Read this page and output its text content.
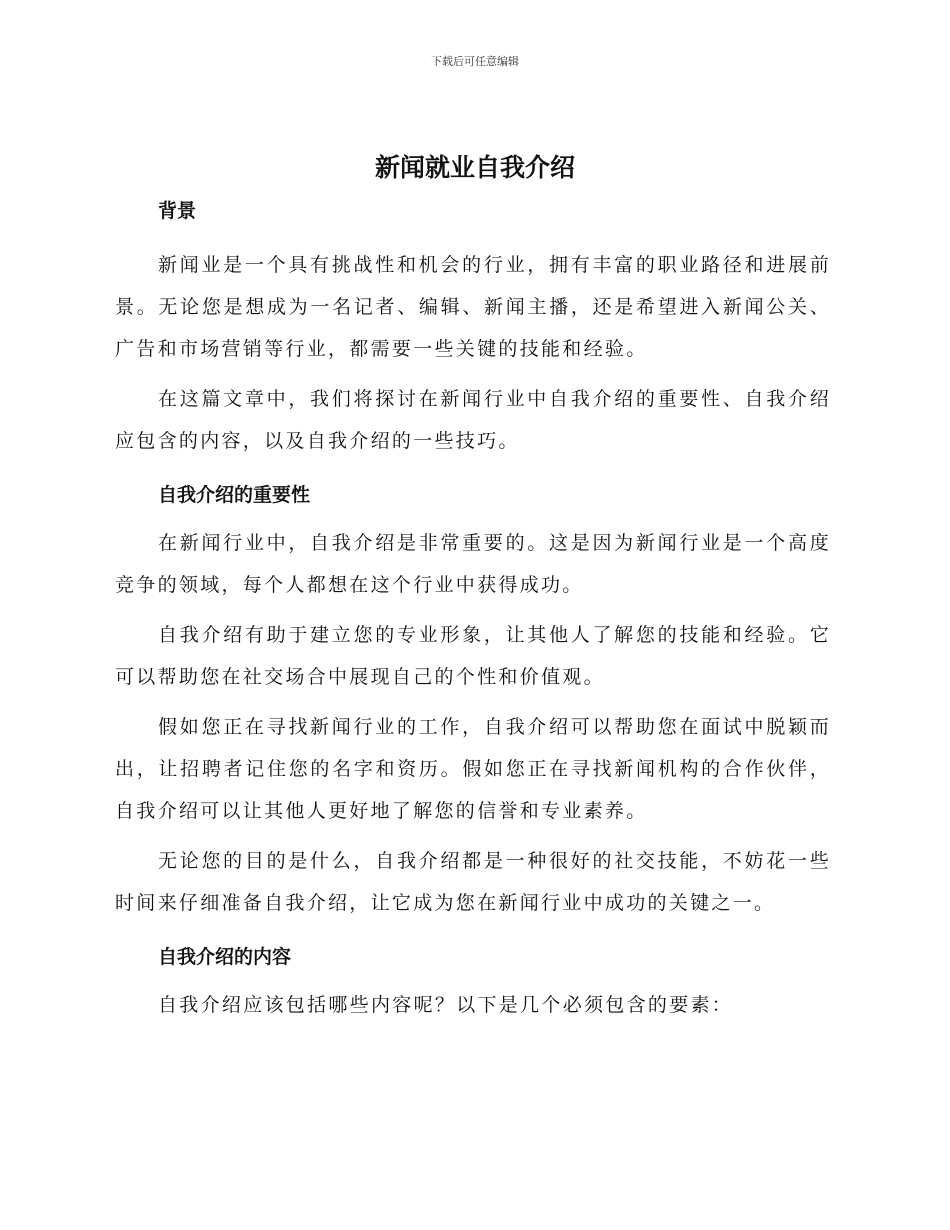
下载后可任意编辑
新闻就业自我介绍
背景

新闻业是一个具有挑战性和机会的行业，拥有丰富的职业路径和进展前景。无论您是想成为一名记者、编辑、新闻主播，还是希望进入新闻公关、广告和市场营销等行业，都需要一些关键的技能和经验。

在这篇文章中，我们将探讨在新闻行业中自我介绍的重要性、自我介绍应包含的内容，以及自我介绍的一些技巧。

自我介绍的重要性

在新闻行业中，自我介绍是非常重要的。这是因为新闻行业是一个高度竞争的领域，每个人都想在这个行业中获得成功。

自我介绍有助于建立您的专业形象，让其他人了解您的技能和经验。它可以帮助您在社交场合中展现自己的个性和价值观。

假如您正在寻找新闻行业的工作，自我介绍可以帮助您在面试中脱颖而出，让招聘者记住您的名字和资历。假如您正在寻找新闻机构的合作伙伴，自我介绍可以让其他人更好地了解您的信誉和专业素养。

无论您的目的是什么，自我介绍都是一种很好的社交技能，不妨花一些时间来仔细准备自我介绍，让它成为您在新闻行业中成功的关键之一。

自我介绍的内容

自我介绍应该包括哪些内容呢？以下是几个必须包含的要素：
